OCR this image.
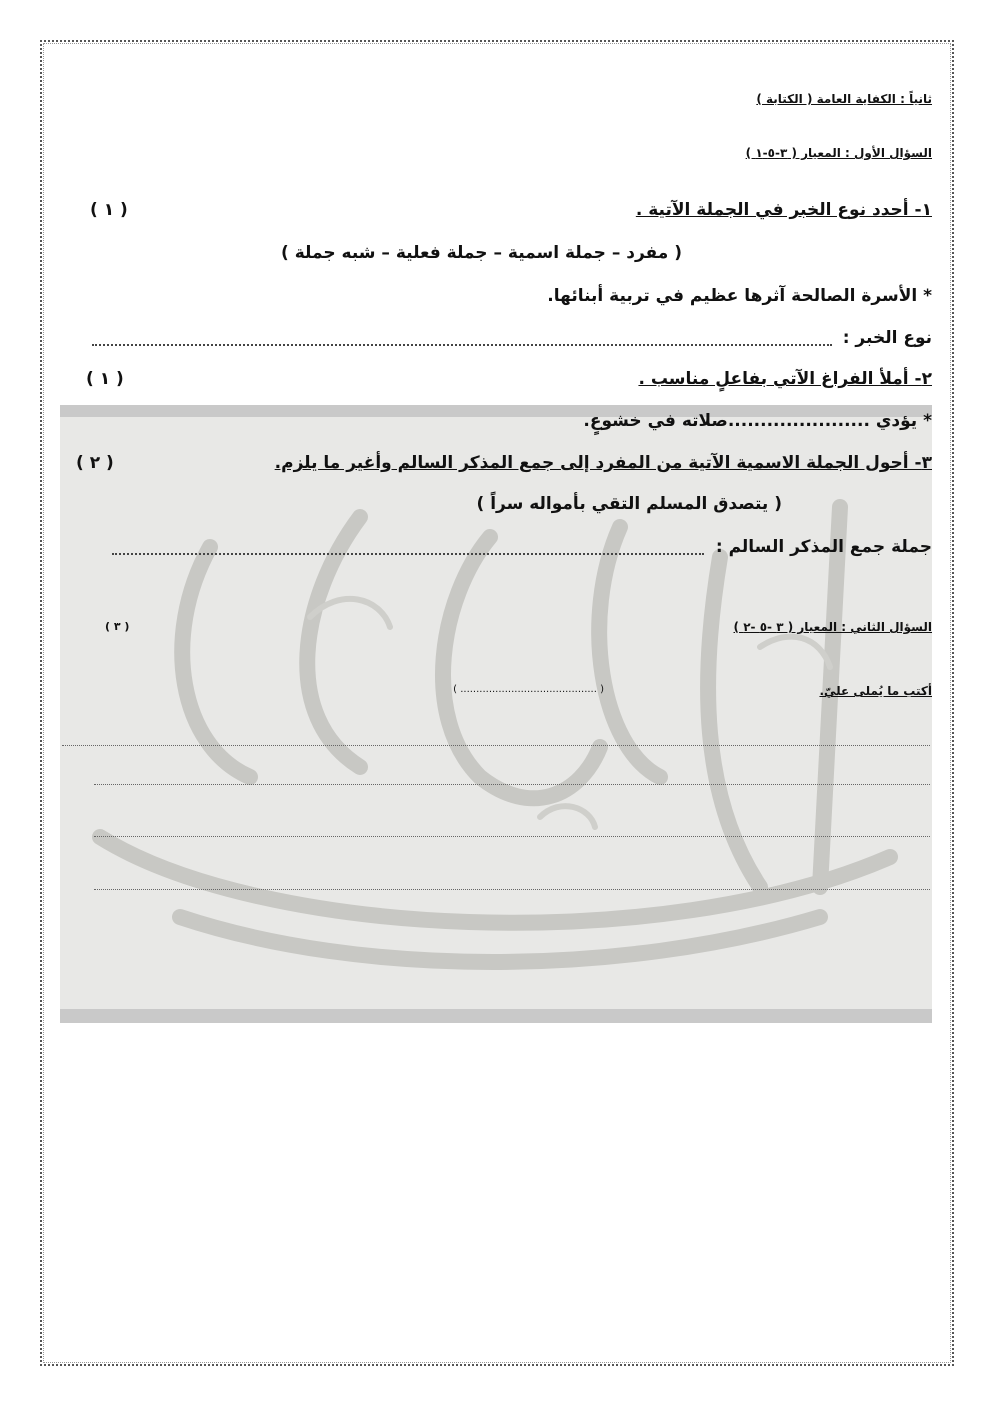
ثانياً : الكفاية العامة ( الكتابة )
السؤال الأول : المعيار ( ٣-٥-١ )
١- أحدد نوع الخبر في الجملة الآتية .
( ١ )
( مفرد – جملة اسمية – جملة فعلية – شبه جملة )
* الأسرة الصالحة آثرها عظيم في تربية أبنائها.
نوع الخبر :
٢- أملأ الفراغ الآتي بفاعلٍ مناسب .
( ١ )
* يؤدي ......................صلاته في خشوعٍ.
٣- أحول الجملة الاسمية الآتية من المفرد إلى جمع المذكر السالم وأغير ما يلزم.
( ٢ )
( يتصدق المسلم التقي بأمواله سراً )
جملة جمع المذكر السالم :
السؤال الثاني : المعيار ( ٣ -٥ -٢ )
( ٣ )
أكتب ما يُملى عليّ.
( ........................................... )
